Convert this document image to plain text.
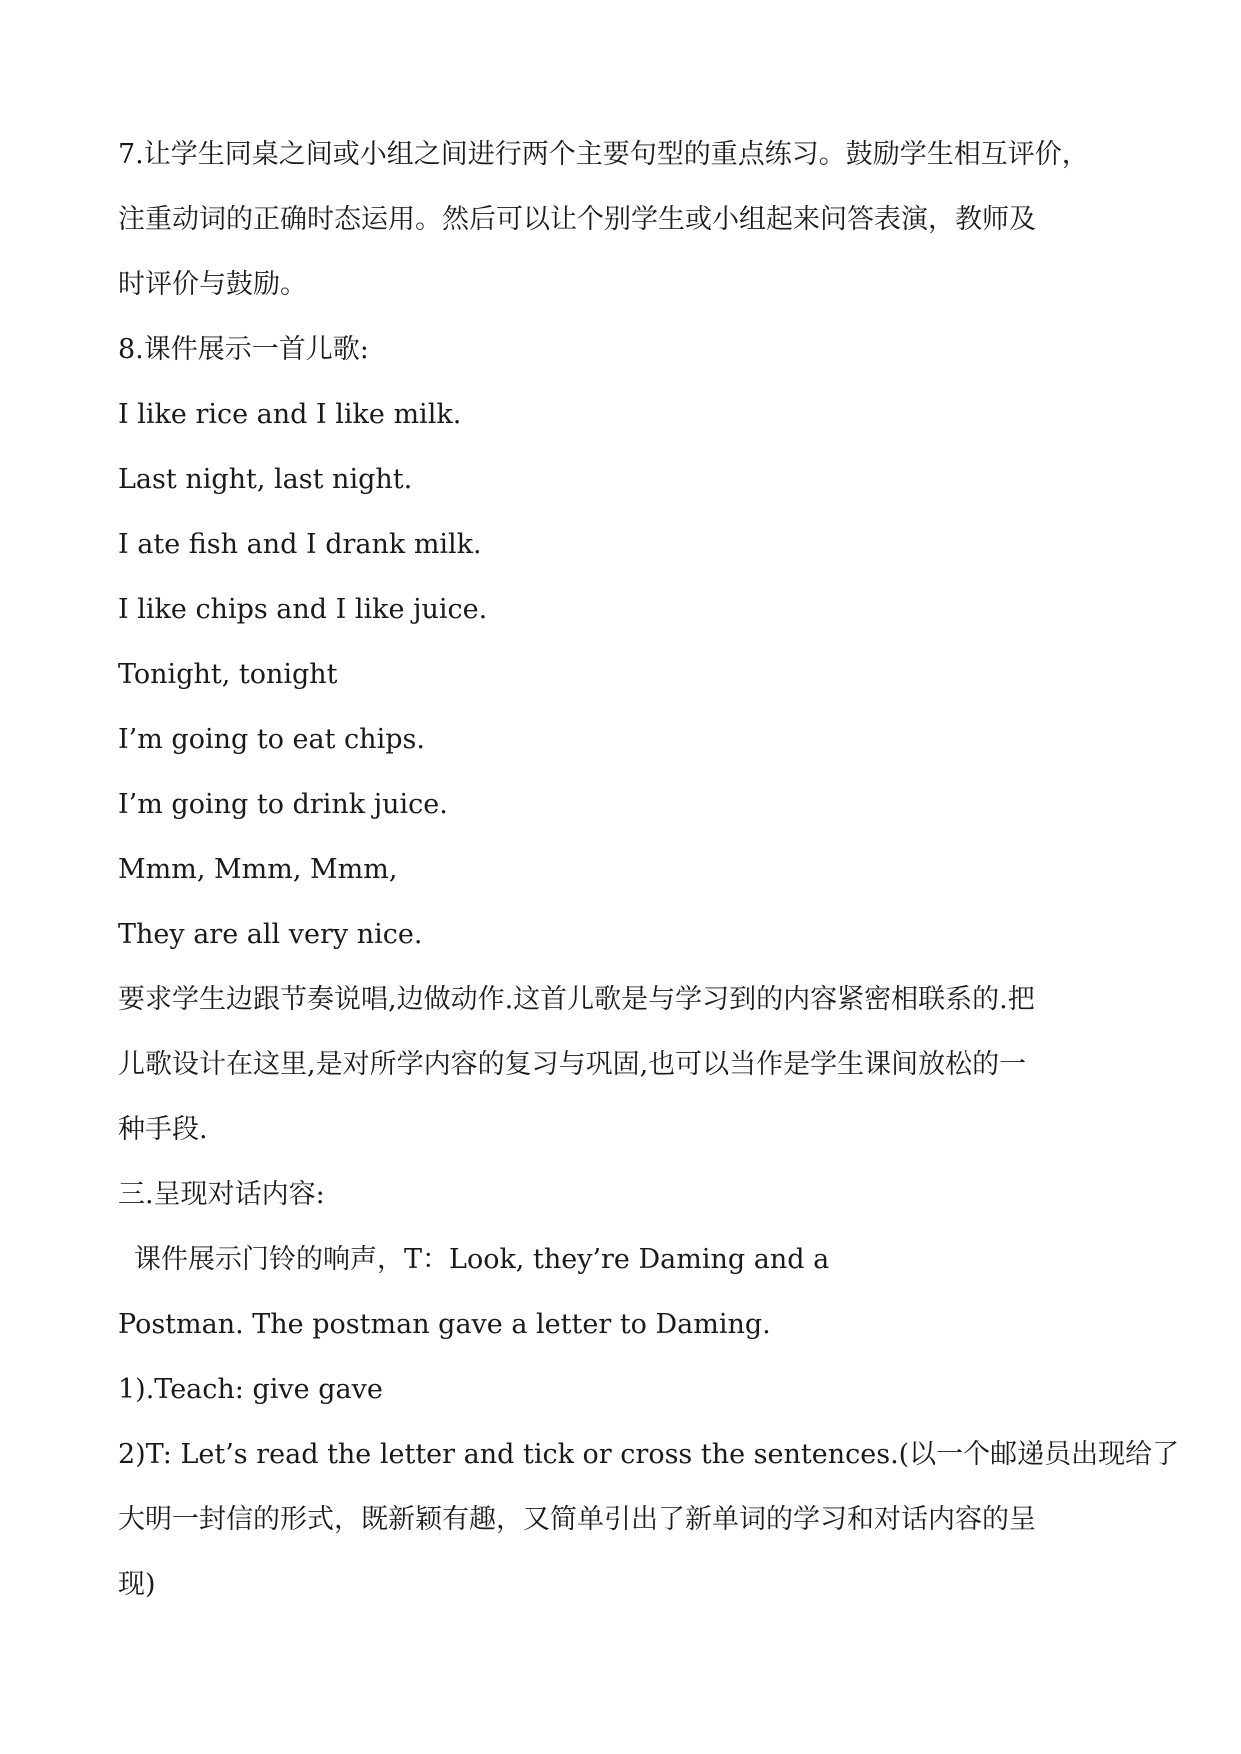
7.让学生同桌之间或小组之间进行两个主要句型的重点练习。鼓励学生相互评价，
注重动词的正确时态运用。然后可以让个别学生或小组起来问答表演，教师及
时评价与鼓励。
8.课件展示一首儿歌:
I like rice and I like milk.
Last night, last night.
I ate fish and I drank milk.
I like chips and I like juice.
Tonight, tonight
I’m going to eat chips.
I’m going to drink juice.
Mmm, Mmm, Mmm,
They are all very nice.
要求学生边跟节奏说唱,边做动作.这首儿歌是与学习到的内容紧密相联系的.把
儿歌设计在这里,是对所学内容的复习与巩固,也可以当作是学生课间放松的一
种手段.
三.呈现对话内容:
课件展示门铃的响声，T：Look, they’re Daming and a
Postman. The postman gave a letter to Daming.
1).Teach: give gave
2)T: Let’s read the letter and tick or cross the sentences.(以一个邮递员出现给了
大明一封信的形式，既新颖有趣，又简单引出了新单词的学习和对话内容的呈
现)
